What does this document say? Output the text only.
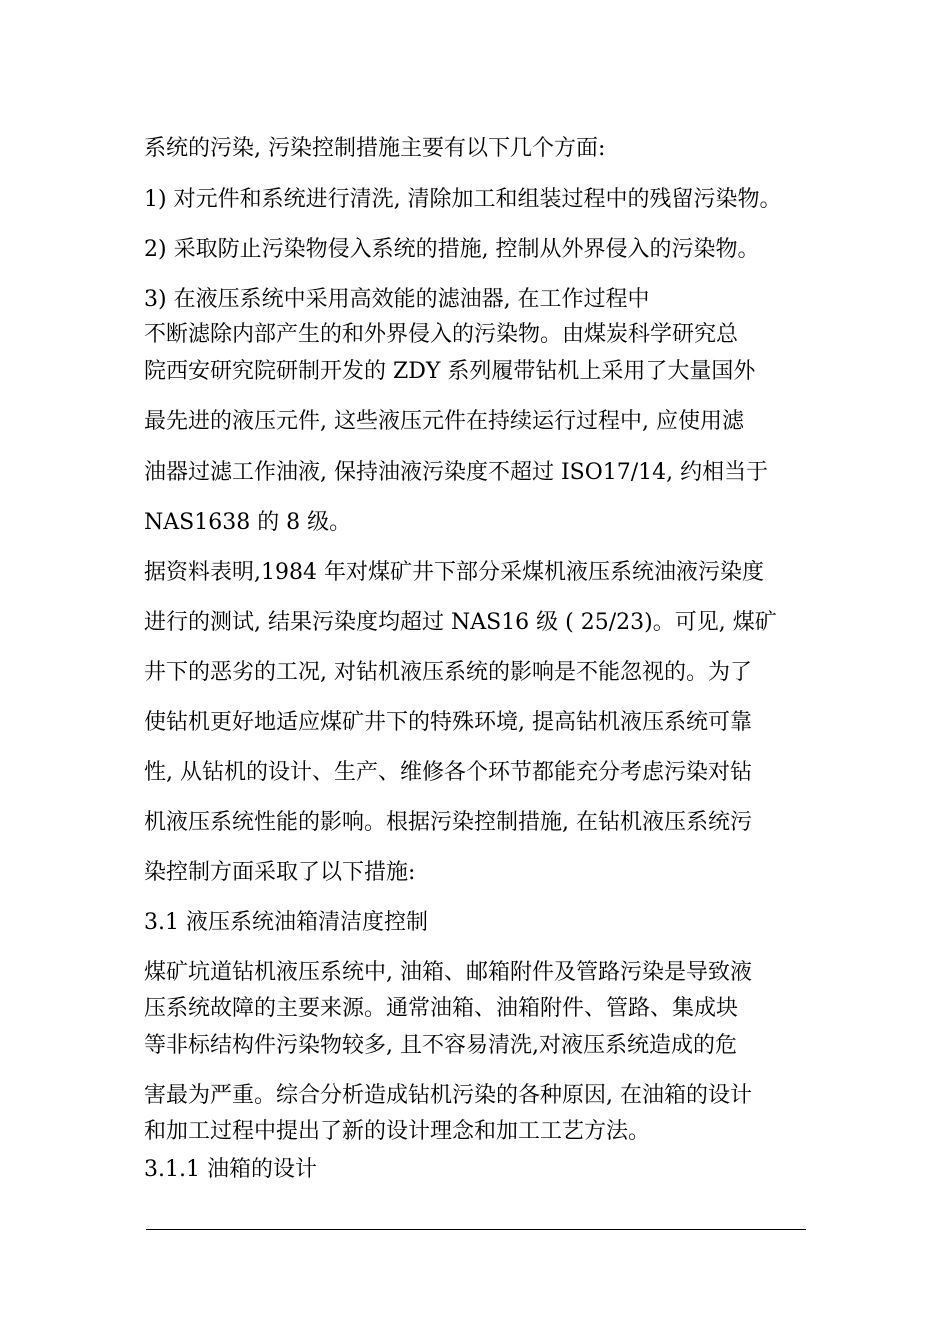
系统的污染, 污染控制措施主要有以下几个方面:
1) 对元件和系统进行清洗, 清除加工和组装过程中的残留污染物。
2) 采取防止污染物侵入系统的措施, 控制从外界侵入的污染物。
3) 在液压系统中采用高效能的滤油器, 在工作过程中
不断滤除内部产生的和外界侵入的污染物。由煤炭科学研究总
院西安研究院研制开发的 ZDY 系列履带钻机上采用了大量国外
最先进的液压元件, 这些液压元件在持续运行过程中, 应使用滤
油器过滤工作油液, 保持油液污染度不超过 ISO17/14, 约相当于
NAS1638 的 8 级。
据资料表明,1984 年对煤矿井下部分采煤机液压系统油液污染度
进行的测试, 结果污染度均超过 NAS16 级 ( 25/23)。可见, 煤矿
井下的恶劣的工况, 对钻机液压系统的影响是不能忽视的。为了
使钻机更好地适应煤矿井下的特殊环境, 提高钻机液压系统可靠
性, 从钻机的设计、生产、维修各个环节都能充分考虑污染对钻
机液压系统性能的影响。根据污染控制措施, 在钻机液压系统污
染控制方面采取了以下措施:
3.1 液压系统油箱清洁度控制
煤矿坑道钻机液压系统中, 油箱、邮箱附件及管路污染是导致液
压系统故障的主要来源。通常油箱、油箱附件、管路、集成块
等非标结构件污染物较多, 且不容易清洗,对液压系统造成的危
害最为严重。综合分析造成钻机污染的各种原因, 在油箱的设计
和加工过程中提出了新的设计理念和加工工艺方法。
3.1.1 油箱的设计
